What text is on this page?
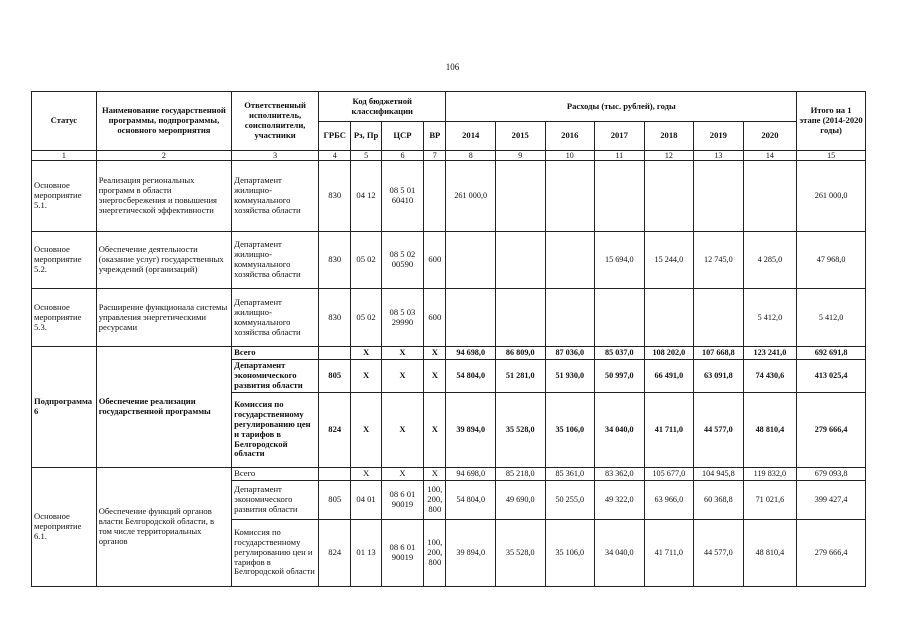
106
Статус	Наименование государственной программы, подпрограммы, основного мероприятия	Ответственный исполнитель, соисполнители, участники	Код бюджетной классификации				Расходы (тыс. рублей), годы							Итого на 1 этапе (2014-2020 годы)
			ГРБС	Рз, Пр	ЦСР	ВР	2014	2015	2016	2017	2018	2019	2020	
1	2	3	4	5	6	7	8	9	10	11	12	13	14	15
Основное мероприятие 5.1.	Реализация региональных программ в области энергосбережения и повышения энергетической эффективности	Департамент жилищно-коммунального хозяйства области	830	04 12	08 5 01 60410		261 000,0							261 000,0
Основное мероприятие 5.2.	Обеспечение деятельности (оказание услуг) государственных учреждений (организаций)	Департамент жилищно-коммунального хозяйства области	830	05 02	08 5 02 00590	600				15 694,0	15 244,0	12 745,0	4 285,0	47 968,0
Основное мероприятие 5.3.	Расширение функционала системы управления энергетическими ресурсами	Департамент жилищно-коммунального хозяйства области	830	05 02	08 5 03 29990	600							5 412,0	5 412,0
Подпрограмма 6	Обеспечение реализации государственной программы	Всего		X	X	X	94 698,0	86 809,0	87 036,0	85 037,0	108 202,0	107 668,8	123 241,0	692 691,8
		Департамент экономического развития области	805	X	X	X	54 804,0	51 281,0	51 930,0	50 997,0	66 491,0	63 091,8	74 430,6	413 025,4
		Комиссия по государственному регулированию цен и тарифов в Белгородской области	824	X	X	X	39 894,0	35 528,0	35 106,0	34 040,0	41 711,0	44 577,0	48 810,4	279 666,4
Основное мероприятие 6.1.	Обеспечение функций органов власти Белгородской области, в том числе территориальных органов	Всего		X	X	X	94 698,0	85 218,0	85 361,0	83 362,0	105 677,0	104 945,8	119 832,0	679 093,8
		Департамент экономического развития области	805	04 01	08 6 01 90019	100, 200, 800	54 804,0	49 690,0	50 255,0	49 322,0	63 966,0	60 368,8	71 021,6	399 427,4
		Комиссия по государственному регулированию цен и тарифов в Белгородской области	824	01 13	08 6 01 90019	100, 200, 800	39 894,0	35 528,0	35 106,0	34 040,0	41 711,0	44 577,0	48 810,4	279 666,4
